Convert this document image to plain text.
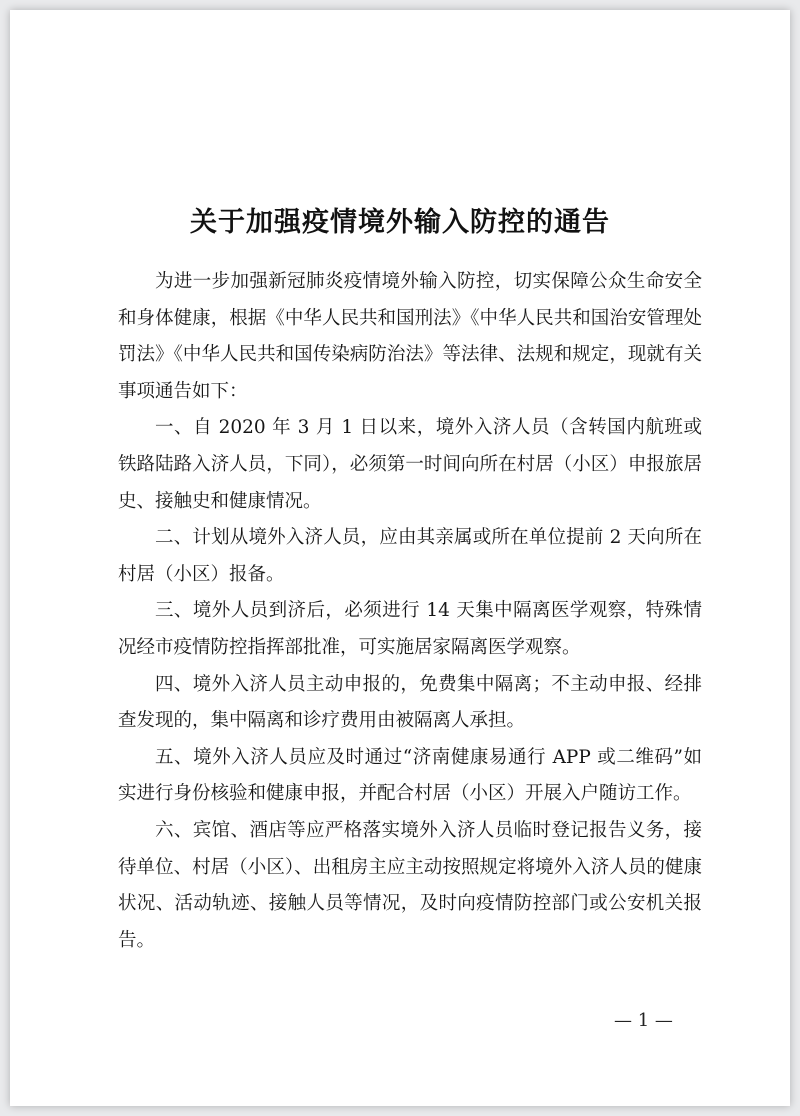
关于加强疫情境外输入防控的通告

为进一步加强新冠肺炎疫情境外输入防控，切实保障公众生命安全和身体健康，根据《中华人民共和国刑法》《中华人民共和国治安管理处罚法》《中华人民共和国传染病防治法》等法律、法规和规定，现就有关事项通告如下：

一、自 2020 年 3 月 1 日以来，境外入济人员（含转国内航班或铁路陆路入济人员，下同），必须第一时间向所在村居（小区）申报旅居史、接触史和健康情况。

二、计划从境外入济人员，应由其亲属或所在单位提前 2 天向所在村居（小区）报备。

三、境外人员到济后，必须进行 14 天集中隔离医学观察，特殊情况经市疫情防控指挥部批准，可实施居家隔离医学观察。

四、境外入济人员主动申报的，免费集中隔离；不主动申报、经排查发现的，集中隔离和诊疗费用由被隔离人承担。

五、境外入济人员应及时通过“济南健康易通行 APP 或二维码”如实进行身份核验和健康申报，并配合村居（小区）开展入户随访工作。

六、宾馆、酒店等应严格落实境外入济人员临时登记报告义务，接待单位、村居（小区）、出租房主应主动按照规定将境外入济人员的健康状况、活动轨迹、接触人员等情况，及时向疫情防控部门或公安机关报告。

— 1 —
